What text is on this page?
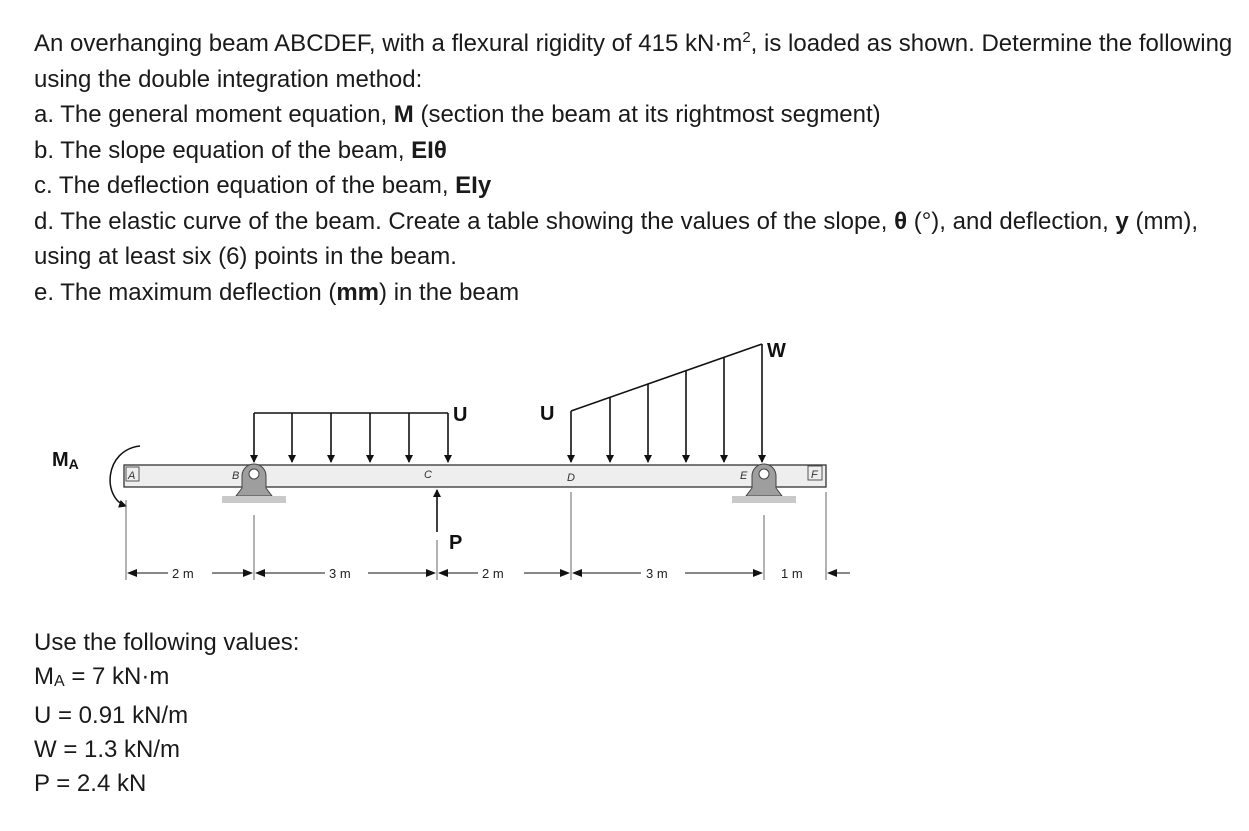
An overhanging beam ABCDEF, with a flexural rigidity of 415 $kN\cdot m^2$, is loaded as shown. Determine the following using the double integration method:

a. The general moment equation, M (section the beam at its rightmost segment)

b. The slope equation of the beam, EIθ

c. The deflection equation of the beam, EIy

d. The elastic curve of the beam. Create a table showing the values of the slope, θ (°), and deflection, y (mm), using at least six (6) points in the beam.

e. The maximum deflection (mm) in the beam

A	B	C	D	E	F
MA
U	U
W
P
2 m	3 m	2 m	3 m	1 m

Use the following values:

$M_A = 7$ kN·m

U = 0.91 kN/m

W = 1.3 kN/m

P = 2.4 kN
